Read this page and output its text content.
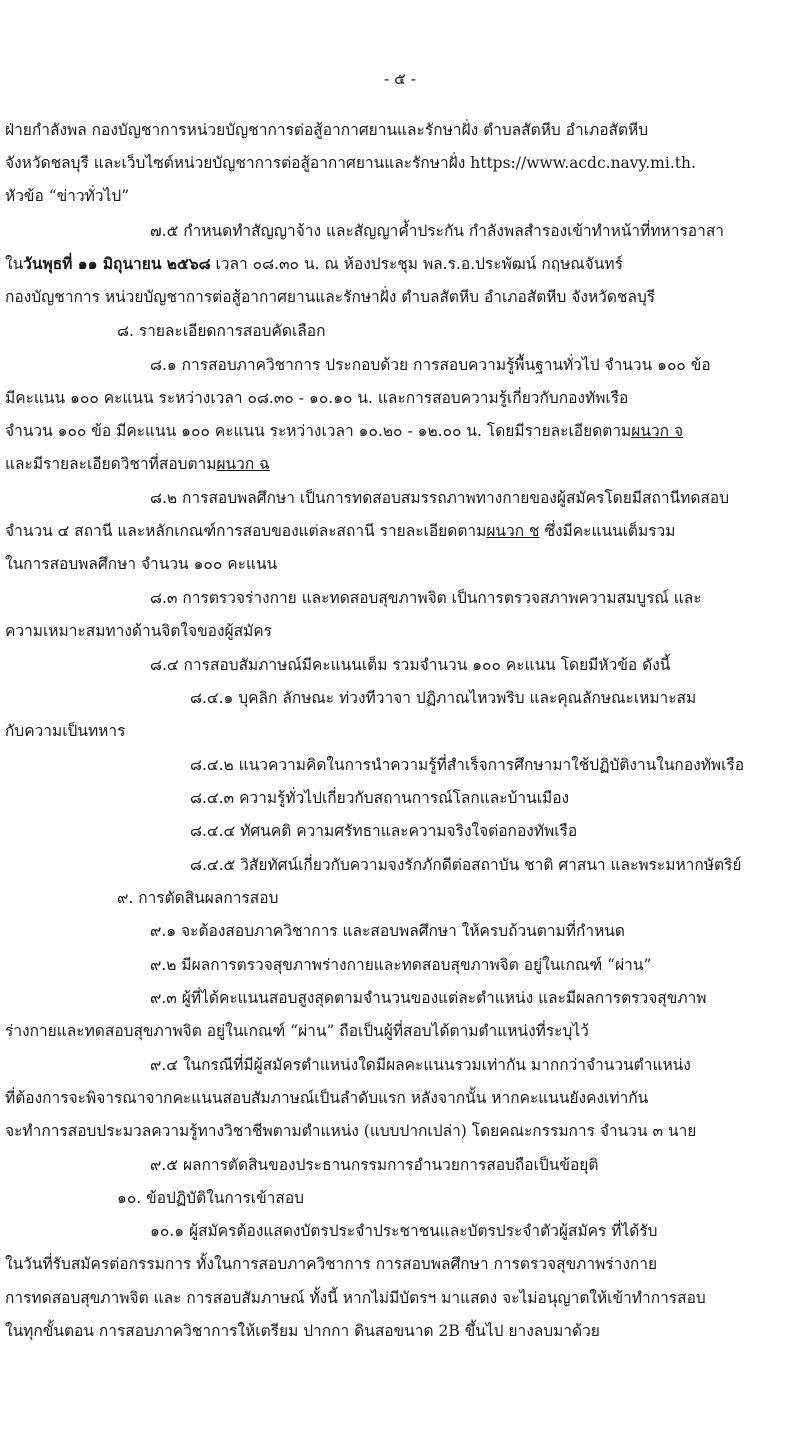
- ๕ -
ฝ่ายกำลังพล กองบัญชาการหน่วยบัญชาการต่อสู้อากาศยานและรักษาฝั่ง ตำบลสัตหีบ อำเภอสัตหีบ
จังหวัดชลบุรี และเว็บไซต์หน่วยบัญชาการต่อสู้อากาศยานและรักษาฝั่ง https://www.acdc.navy.mi.th.
หัวข้อ “ข่าวทั่วไป”
๗.๕ กำหนดทำสัญญาจ้าง และสัญญาค้ำประกัน กำลังพลสำรองเข้าทำหน้าที่ทหารอาสา
ในวันพุธที่ ๑๑ มิถุนายน ๒๕๖๘ เวลา ๐๘.๓๐ น. ณ ห้องประชุม พล.ร.อ.ประพัฒน์ กฤษณจันทร์
กองบัญชาการ หน่วยบัญชาการต่อสู้อากาศยานและรักษาฝั่ง ตำบลสัตหีบ อำเภอสัตหีบ จังหวัดชลบุรี
๘. รายละเอียดการสอบคัดเลือก
๘.๑ การสอบภาควิชาการ ประกอบด้วย การสอบความรู้พื้นฐานทั่วไป จำนวน ๑๐๐ ข้อ
มีคะแนน ๑๐๐ คะแนน ระหว่างเวลา ๐๘.๓๐ - ๑๐.๑๐ น. และการสอบความรู้เกี่ยวกับกองทัพเรือ
จำนวน ๑๐๐ ข้อ มีคะแนน ๑๐๐ คะแนน ระหว่างเวลา ๑๐.๒๐ - ๑๒.๐๐ น. โดยมีรายละเอียดตามผนวก จ
และมีรายละเอียดวิชาที่สอบตามผนวก ฉ
๘.๒ การสอบพลศึกษา เป็นการทดสอบสมรรถภาพทางกายของผู้สมัครโดยมีสถานีทดสอบ
จำนวน ๔ สถานี และหลักเกณฑ์การสอบของแต่ละสถานี รายละเอียดตามผนวก ช ซึ่งมีคะแนนเต็มรวม
ในการสอบพลศึกษา จำนวน ๑๐๐ คะแนน
๘.๓ การตรวจร่างกาย และทดสอบสุขภาพจิต เป็นการตรวจสภาพความสมบูรณ์ และ
ความเหมาะสมทางด้านจิตใจของผู้สมัคร
๘.๔ การสอบสัมภาษณ์มีคะแนนเต็ม รวมจำนวน ๑๐๐ คะแนน โดยมีหัวข้อ ดังนี้
๘.๔.๑ บุคลิก ลักษณะ ท่วงทีวาจา ปฏิภาณไหวพริบ และคุณลักษณะเหมาะสม
กับความเป็นทหาร
๘.๔.๒ แนวความคิดในการนำความรู้ที่สำเร็จการศึกษามาใช้ปฏิบัติงานในกองทัพเรือ
๘.๔.๓ ความรู้ทั่วไปเกี่ยวกับสถานการณ์โลกและบ้านเมือง
๘.๔.๔ ทัศนคติ ความศรัทธาและความจริงใจต่อกองทัพเรือ
๘.๔.๕ วิสัยทัศน์เกี่ยวกับความจงรักภักดีต่อสถาบัน ชาติ ศาสนา และพระมหากษัตริย์
๙. การตัดสินผลการสอบ
๙.๑ จะต้องสอบภาควิชาการ และสอบพลศึกษา ให้ครบถ้วนตามที่กำหนด
๙.๒ มีผลการตรวจสุขภาพร่างกายและทดสอบสุขภาพจิต อยู่ในเกณฑ์ “ผ่าน”
๙.๓ ผู้ที่ได้คะแนนสอบสูงสุดตามจำนวนของแต่ละตำแหน่ง และมีผลการตรวจสุขภาพ
ร่างกายและทดสอบสุขภาพจิต อยู่ในเกณฑ์ “ผ่าน” ถือเป็นผู้ที่สอบได้ตามตำแหน่งที่ระบุไว้
๙.๔ ในกรณีที่มีผู้สมัครตำแหน่งใดมีผลคะแนนรวมเท่ากัน มากกว่าจำนวนตำแหน่ง
ที่ต้องการจะพิจารณาจากคะแนนสอบสัมภาษณ์เป็นลำดับแรก หลังจากนั้น หากคะแนนยังคงเท่ากัน
จะทำการสอบประมวลความรู้ทางวิชาชีพตามตำแหน่ง (แบบปากเปล่า) โดยคณะกรรมการ จำนวน ๓ นาย
๙.๕ ผลการตัดสินของประธานกรรมการอำนวยการสอบถือเป็นข้อยุติ
๑๐. ข้อปฏิบัติในการเข้าสอบ
๑๐.๑ ผู้สมัครต้องแสดงบัตรประจำประชาชนและบัตรประจำตัวผู้สมัคร ที่ได้รับ
ในวันที่รับสมัครต่อกรรมการ ทั้งในการสอบภาควิชาการ การสอบพลศึกษา การตรวจสุขภาพร่างกาย
การทดสอบสุขภาพจิต และ การสอบสัมภาษณ์ ทั้งนี้ หากไม่มีบัตรฯ มาแสดง จะไม่อนุญาตให้เข้าทำการสอบ
ในทุกขั้นตอน การสอบภาควิชาการให้เตรียม ปากกา ดินสอขนาด 2B ขึ้นไป ยางลบมาด้วย
